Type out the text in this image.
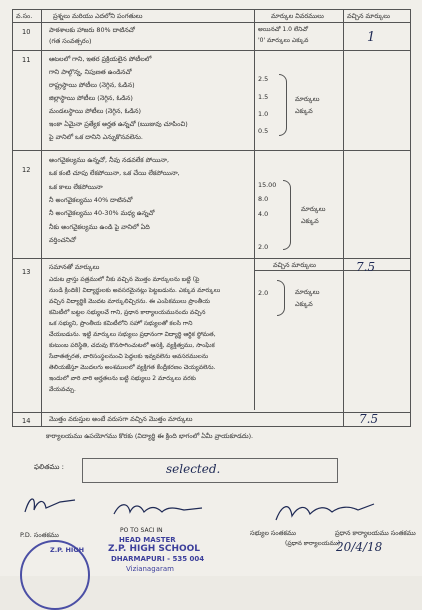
వ.సం.	ప్రశ్నలు మరియు ఎదలోని పంగతులు	మార్కుల వివరములు	వచ్చిన మార్కులు
10	పాఠశాలకు హాజరు 80% దాటినచో
(గత సంవత్సరం)
అయినచో 1.0 లేనిచో
'0' మార్కులు ఎక్కువ	1
11	ఆటలలో గాని, ఇతర ప్రక్రియలైన పోటీలలో
గాని పాల్గొన్న, నిపుణత ఉండినచో
రాష్ట్రస్థాయి పోటీలు (నెగ్గిన, ఓడిన)
జిల్లాస్థాయి పోటీలు (నెగ్గిన, ఓడిన)
మండలస్థాయి పోటీలు (నెగ్గిన, ఓడిన)
ఇంకా ఏమైనా ప్రత్యేక అర్హత ఉన్నచో (ఋజువు చూపించి)
పై వానిలో ఒక దానిని ఎన్నుకొనవలెను.
2.5
1.5
1.0
0.5
మార్కులు
ఎక్కువ
12
అంగవైకల్యము ఉన్నచో, నీవు నడవలేక పోయినా,
ఒక కంటి చూపు లేకపోయినా, ఒక చేయి లేకపోయినా,
ఒక కాలు లేకపోయినా
నీ అంగవైకల్యము 40% దాటినచో
నీ అంగవైకల్యము 40-30% మధ్య ఉన్నచో
నీకు అంగవైకల్యము ఉండి పై వానిలో ఏది
వర్తించనిచో
15.00
8.0
4.0
2.0
మార్కులు
ఎక్కువ
13
సమానతో మార్కులు	వచ్చిన మార్కులు
ఎదుట వ్రాస్తు పత్రములో నీకు వచ్చిన మొత్తం మార్కులను బట్టి (పై
నుండి క్రిందికి) విద్యార్థులకు అవసరమైనట్లు పెట్టబడును. ఎక్కువ మార్కులు
వచ్చిన విద్యార్థికి మొదట మార్కులిచ్చిరను. ఈ ఎంపికములు ప్రాంతీయ
కమిటీలో బట్టల సభ్యులచే గాని, ప్రధాన కార్యాలయమునందు వచ్చిన
ఒక సభ్యుని, ప్రాంతీయ కమిటీలోని సహో సభ్యులతో కలసి గాని
చేయబడును. ఇట్టి మార్కులు సభ్యులు ప్రధానంగా విద్యార్థి ఆర్థిక స్థోమత,
కుటుంబ పరిస్థితి, చదువు కొనసాగించుటలో ఆసక్తి, వ్యక్తిత్వము, సాంఘిక
సేవాతత్పరత, వారిసంస్థలనుంచి పెద్దలకు ఇవ్వవలెను అవసరములను
తెలియజేస్తూ మొదలగు అంశములలో వ్యక్తిగత కేంద్రీకరణం చెయ్యవలెను.
ఇందులో వారి వారి అర్హతలను బట్టి సభ్యులు 2 మార్కులు వరకు
వేయవచ్చు.
2.0	మార్కులు
ఎక్కువ
7.5
14	మొత్తం వరుస్తుల అంటే వరుసగా వచ్చిన మొత్తం మార్కులు	7.5
కార్యాలయము ఉపయోగము కొరకు (విద్యార్థి ఈ క్రింది భాగంలో ఏమీ వ్రాయకూడదు).
ఫలితము :	selected.
P.D. సంతకము
PO TO SACI IN	సభ్యుల సంతకము	ప్రధాన కార్యాలయము సంతకము
(ప్రధాన కార్యాలయము)
20/4/18
HEAD MASTER
Z.P. HIGH SCHOOL
DHARMAPURI - 535 004
Vizianagaram
Z.P. HIGH
